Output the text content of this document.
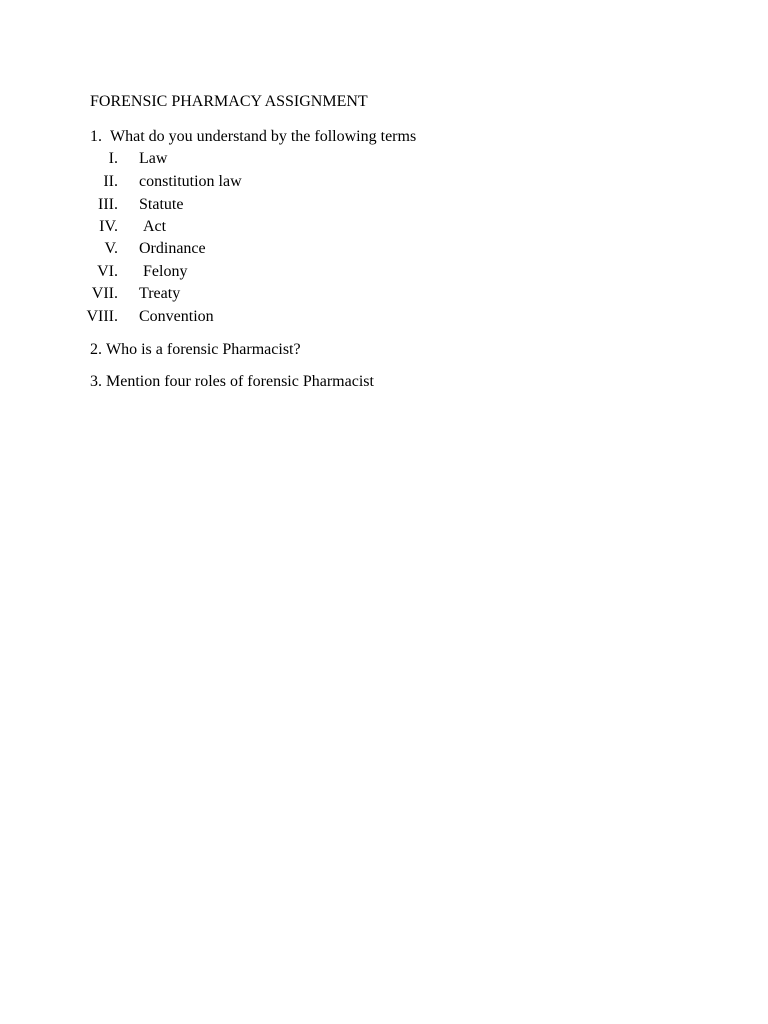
FORENSIC PHARMACY ASSIGNMENT
1. What do you understand by the following terms
I. Law
II. constitution law
III. Statute
IV. Act
V. Ordinance
VI. Felony
VII. Treaty
VIII. Convention
2. Who is a forensic Pharmacist?
3. Mention four roles of forensic Pharmacist
